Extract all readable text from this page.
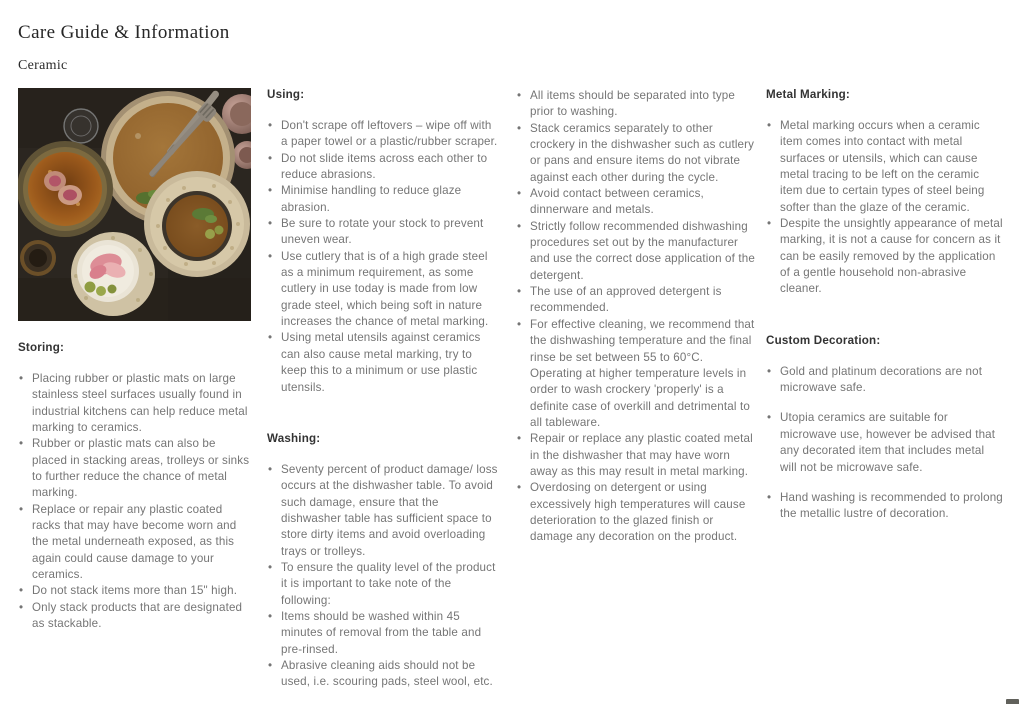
Care Guide & Information
Ceramic
Storing:
• Placing rubber or plastic mats on large stainless steel surfaces usually found in industrial kitchens can help reduce metal marking to ceramics.
• Rubber or plastic mats can also be placed in stacking areas, trolleys or sinks to further reduce the chance of metal marking.
• Replace or repair any plastic coated racks that may have become worn and the metal underneath exposed, as this again could cause damage to your ceramics.
• Do not stack items more than 15" high.
• Only stack products that are designated as stackable.
Using:
• Don't scrape off leftovers – wipe off with a paper towel or a plastic/rubber scraper.
• Do not slide items across each other to reduce abrasions.
• Minimise handling to reduce glaze abrasion.
• Be sure to rotate your stock to prevent uneven wear.
• Use cutlery that is of a high grade steel as a minimum requirement, as some cutlery in use today is made from low grade steel, which being soft in nature increases the chance of metal marking.
• Using metal utensils against ceramics can also cause metal marking, try to keep this to a minimum or use plastic utensils.
Washing:
• Seventy percent of product damage/ loss occurs at the dishwasher table. To avoid such damage, ensure that the dishwasher table has sufficient space to store dirty items and avoid overloading trays or trolleys.
• To ensure the quality level of the product it is important to take note of the following:
• Items should be washed within 45 minutes of removal from the table and pre-rinsed.
• Abrasive cleaning aids should not be used, i.e. scouring pads, steel wool, etc.
• All items should be separated into type prior to washing.
• Stack ceramics separately to other crockery in the dishwasher such as cutlery or pans and ensure items do not vibrate against each other during the cycle.
• Avoid contact between ceramics, dinnerware and metals.
• Strictly follow recommended dishwashing procedures set out by the manufacturer and use the correct dose application of the detergent.
• The use of an approved detergent is recommended.
• For effective cleaning, we recommend that the dishwashing temperature and the final rinse be set between 55 to 60°C. Operating at higher temperature levels in order to wash crockery 'properly' is a definite case of overkill and detrimental to all tableware.
• Repair or replace any plastic coated metal in the dishwasher that may have worn away as this may result in metal marking.
• Overdosing on detergent or using excessively high temperatures will cause deterioration to the glazed finish or damage any decoration on the product.
Metal Marking:
• Metal marking occurs when a ceramic item comes into contact with metal surfaces or utensils, which can cause metal tracing to be left on the ceramic item due to certain types of steel being softer than the glaze of the ceramic.
• Despite the unsightly appearance of metal marking, it is not a cause for concern as it can be easily removed by the application of a gentle household non-abrasive cleaner.
Custom Decoration:
• Gold and platinum decorations are not microwave safe.
• Utopia ceramics are suitable for microwave use, however be advised that any decorated item that includes metal will not be microwave safe.
• Hand washing is recommended to prolong the metallic lustre of decoration.
